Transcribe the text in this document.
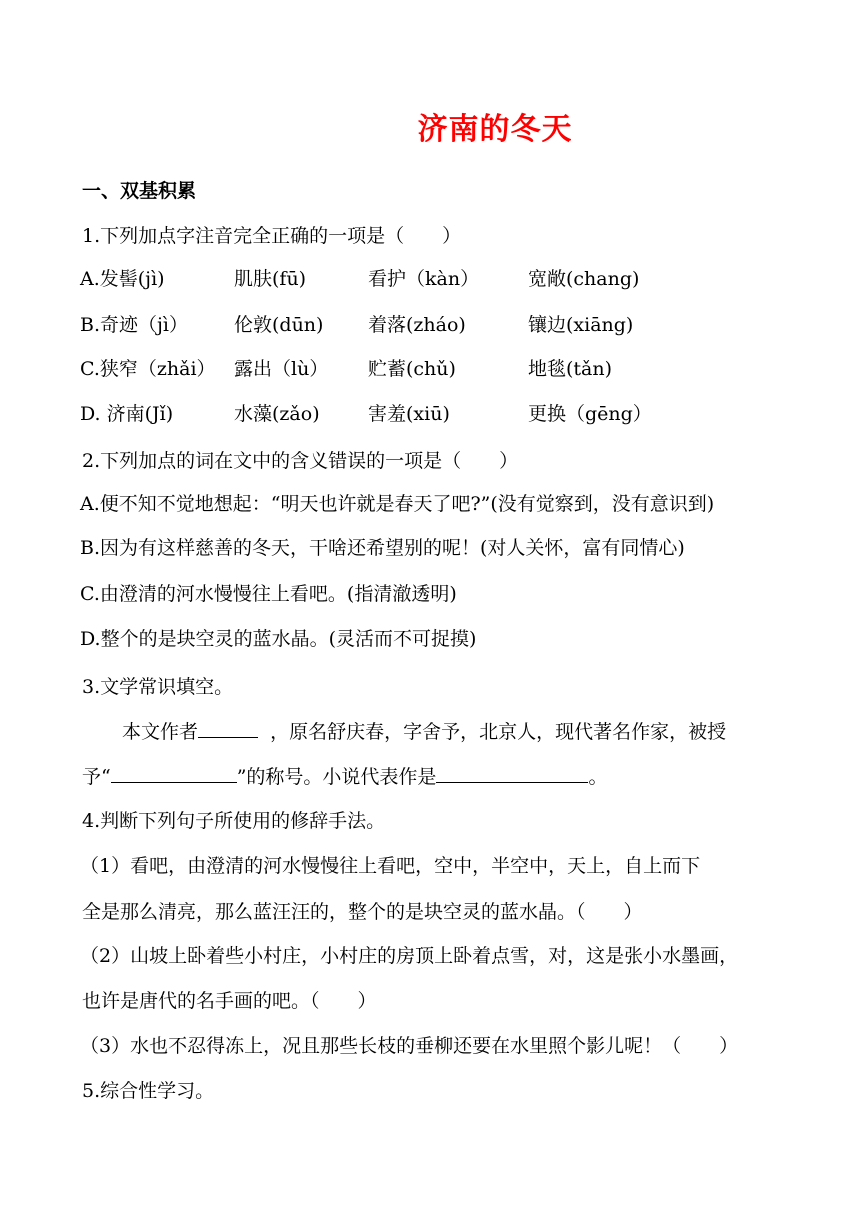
济南的冬天
一、双基积累
1.下列加点字注音完全正确的一项是（　　）
A.发髻(jì)	肌肤(fū)	看护（kàn）	宽敞(chang)
B.奇迹（jì） 伦敦(dūn) 着落(zháo)	镶边(xiāng)
C.狭窄（zhǎi） 露出（lù） 贮蓄(chǔ)	地毯(tǎn)
D. 济南(Jǐ)	水藻(zǎo)	害羞(xiū)	更换（gēng）
2.下列加点的词在文中的含义错误的一项是（　　）
A.便不知不觉地想起：“明天也许就是春天了吧?”(没有觉察到，没有意识到)
B.因为有这样慈善的冬天，干啥还希望别的呢！(对人关怀，富有同情心)
C.由澄清的河水慢慢往上看吧。(指清澈透明)
D.整个的是块空灵的蓝水晶。(灵活而不可捉摸)
3.文学常识填空。
本文作者	，原名舒庆春，字舍予，北京人，现代著名作家，被授
予“	”的称号。小说代表作是	。
4.判断下列句子所使用的修辞手法。
（1）看吧，由澄清的河水慢慢往上看吧，空中，半空中，天上，自上而下
全是那么清亮，那么蓝汪汪的，整个的是块空灵的蓝水晶。（　　）
（2）山坡上卧着些小村庄，小村庄的房顶上卧着点雪，对，这是张小水墨画，
也许是唐代的名手画的吧。（　　）
（3）水也不忍得冻上，况且那些长枝的垂柳还要在水里照个影儿呢！（　　）
5.综合性学习。
